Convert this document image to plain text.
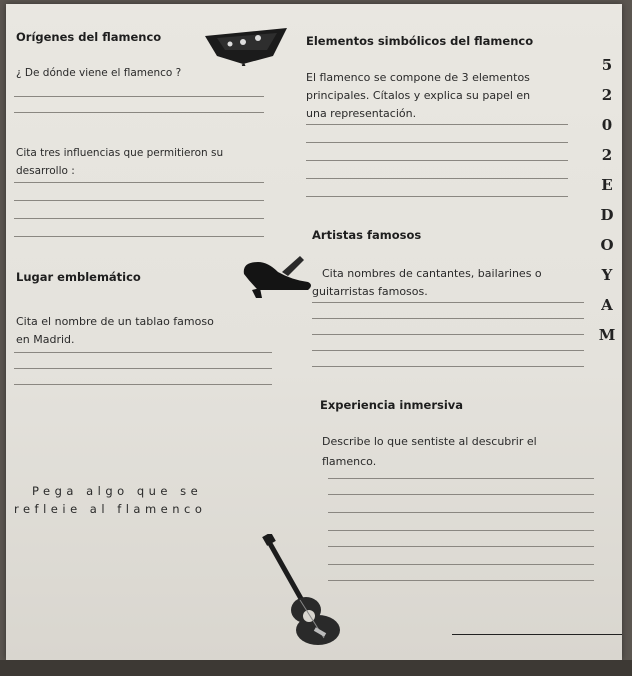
Orígenes del flamenco
¿ De dónde viene el flamenco ?
Cita tres influencias que permitieron su
desarrollo :
Elementos simbólicos del flamenco
El flamenco se compone de 3 elementos
principales. Cítalos y explica su papel en
una representación.
5
2
0
2
E
D
O
Y
A
M
Lugar emblemático
Cita el nombre de un tablao famoso
en Madrid.
Artistas famosos
Cita nombres de cantantes, bailarines o
guitarristas famosos.
Experiencia inmersiva
Describe lo que sentiste al descubrir el
flamenco.
Pega algo que se
refleie al flamenco
